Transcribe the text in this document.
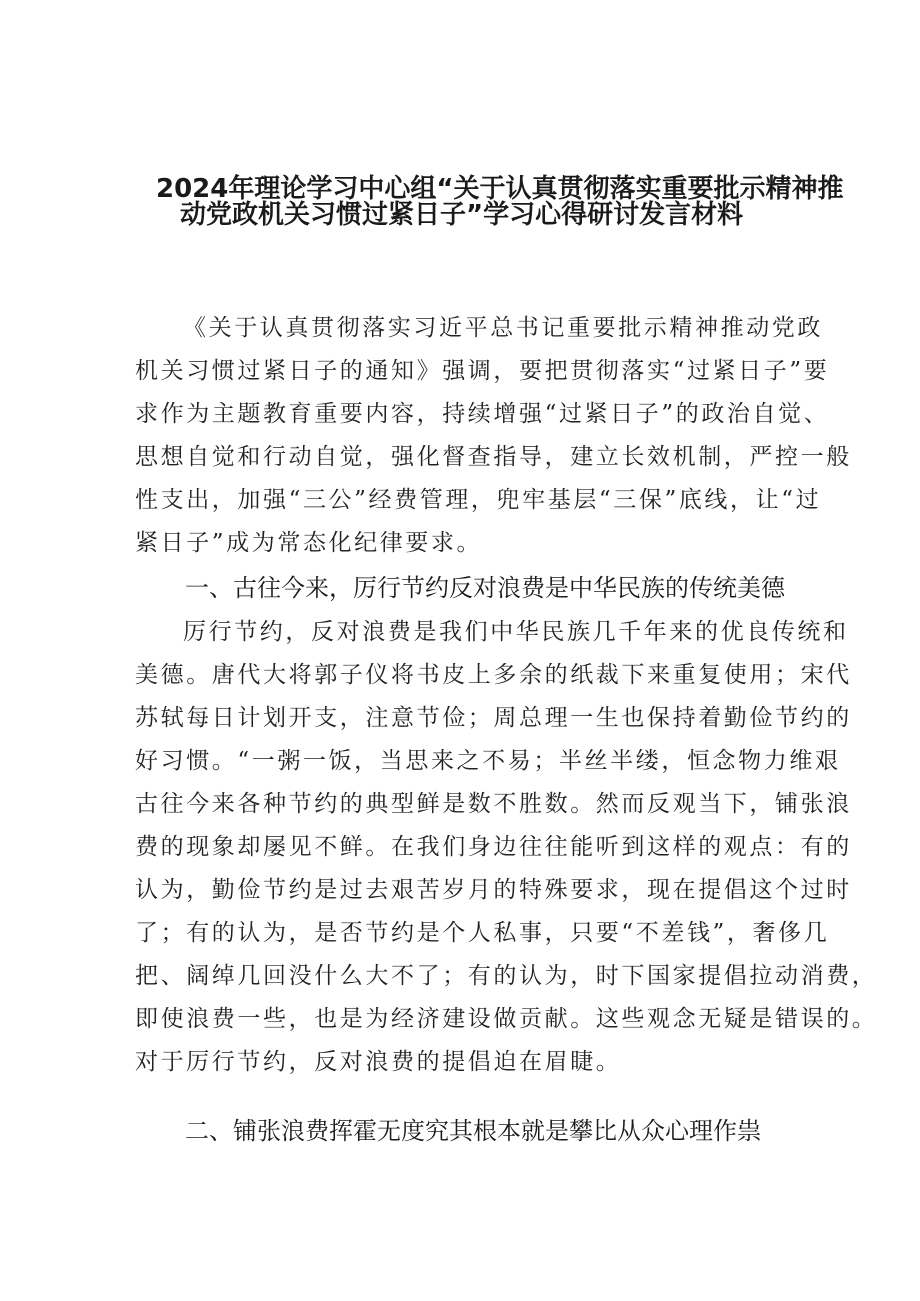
2024年理论学习中心组“关于认真贯彻落实重要批示精神推
动党政机关习惯过紧日子”学习心得研讨发言材料
《关于认真贯彻落实习近平总书记重要批示精神推动党政
机关习惯过紧日子的通知》强调，要把贯彻落实“过紧日子”要
求作为主题教育重要内容，持续增强“过紧日子”的政治自觉、
思想自觉和行动自觉，强化督查指导，建立长效机制，严控一般
性支出，加强“三公”经费管理，兜牢基层“三保”底线，让“过
紧日子”成为常态化纪律要求。
一、古往今来，厉行节约反对浪费是中华民族的传统美德
厉行节约，反对浪费是我们中华民族几千年来的优良传统和
美德。唐代大将郭子仪将书皮上多余的纸裁下来重复使用；宋代
苏轼每日计划开支，注意节俭；周总理一生也保持着勤俭节约的
好习惯。“一粥一饭，当思来之不易；半丝半缕，恒念物力维艰
古往今来各种节约的典型鲜是数不胜数。然而反观当下，铺张浪
费的现象却屡见不鲜。在我们身边往往能听到这样的观点：有的
认为，勤俭节约是过去艰苦岁月的特殊要求，现在提倡这个过时
了；有的认为，是否节约是个人私事，只要“不差钱”，奢侈几
把、阔绰几回没什么大不了；有的认为，时下国家提倡拉动消费，
即使浪费一些，也是为经济建设做贡献。这些观念无疑是错误的。
对于厉行节约，反对浪费的提倡迫在眉睫。
二、铺张浪费挥霍无度究其根本就是攀比从众心理作祟
